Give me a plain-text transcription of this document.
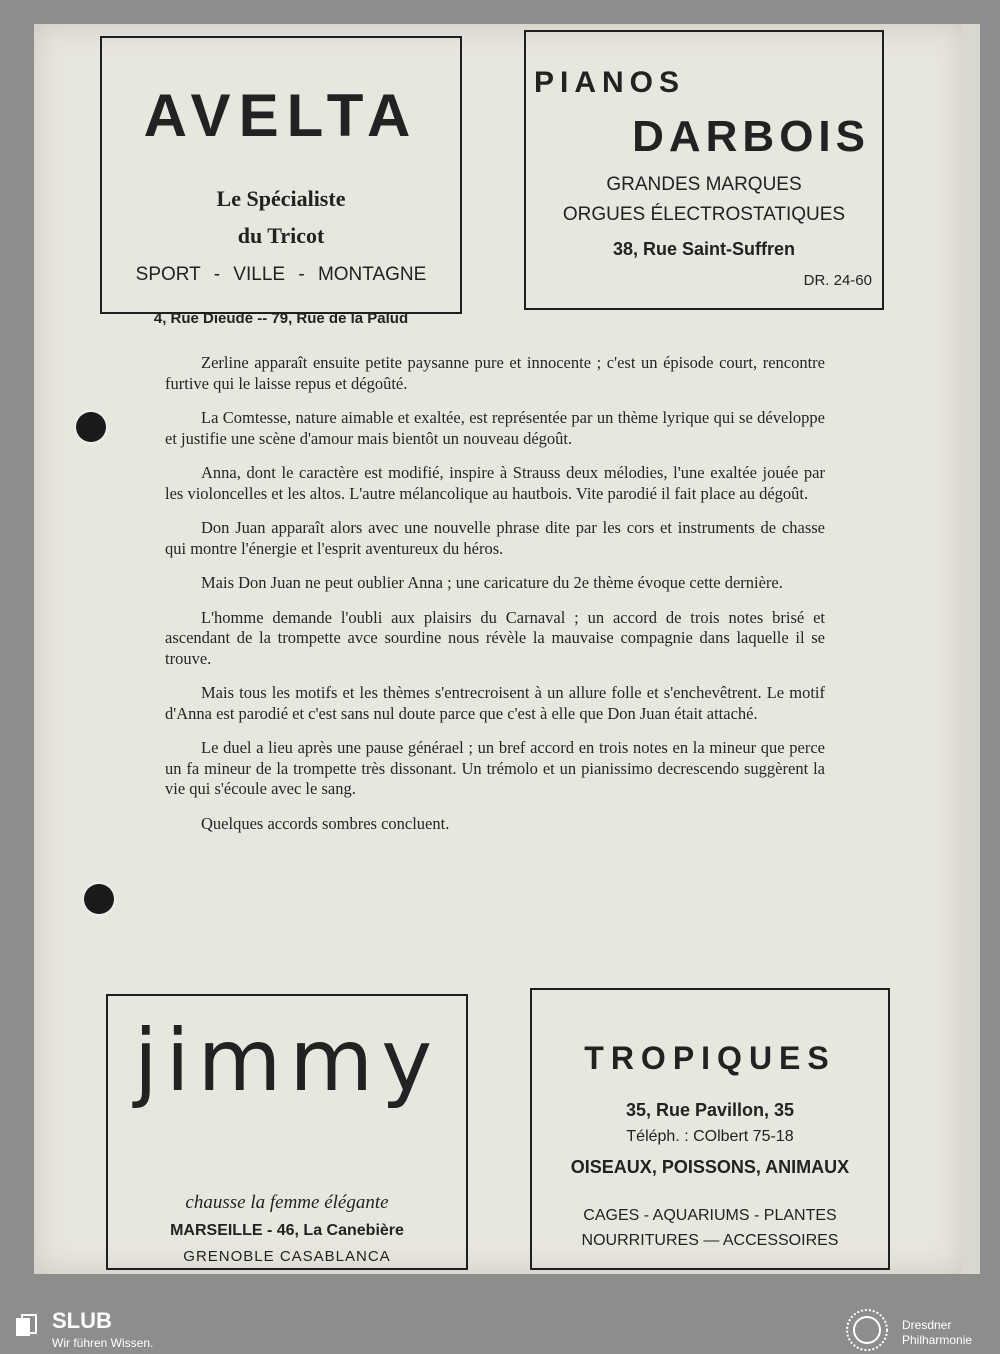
AVELTA
Le Spécialiste
du Tricot
SPORT - VILLE - MONTAGNE
4, Rue Dieudé -- 79, Rue de la Palud
PIANOS
DARBOIS
GRANDES MARQUES
ORGUES ÉLECTROSTATIQUES
38, Rue Saint-Suffren
DR. 24-60

Zerline apparaît ensuite petite paysanne pure et innocente ; c'est un épisode court, rencontre furtive qui le laisse repus et dégoûté.

La Comtesse, nature aimable et exaltée, est représentée par un thème lyrique qui se développe et justifie une scène d'amour mais bientôt un nouveau dégoût.

Anna, dont le caractère est modifié, inspire à Strauss deux mélodies, l'une exaltée jouée par les violoncelles et les altos. L'autre mélancolique au hautbois. Vite parodié il fait place au dégoût.

Don Juan apparaît alors avec une nouvelle phrase dite par les cors et instruments de chasse qui montre l'énergie et l'esprit aventureux du héros.

Mais Don Juan ne peut oublier Anna ; une caricature du 2e thème évoque cette dernière.

L'homme demande l'oubli aux plaisirs du Carnaval ; un accord de trois notes brisé et ascendant de la trompette avce sourdine nous révèle la mauvaise compagnie dans laquelle il se trouve.

Mais tous les motifs et les thèmes s'entrecroisent à un allure folle et s'enchevêtrent. Le motif d'Anna est parodié et c'est sans nul doute parce que c'est à elle que Don Juan était attaché.

Le duel a lieu après une pause générael ; un bref accord en trois notes en la mineur que perce un fa mineur de la trompette très dissonant. Un trémolo et un pianissimo decrescendo suggèrent la vie qui s'écoule avec le sang.

Quelques accords sombres concluent.

jimmy
chausse la femme élégante
MARSEILLE - 46, La Canebière
GRENOBLE CASABLANCA
TROPIQUES
35, Rue Pavillon, 35
Téléph. : COlbert 75-18
OISEAUX, POISSONS, ANIMAUX
CAGES - AQUARIUMS - PLANTES
NOURRITURES — ACCESSOIRES
SLUB
Wir führen Wissen.
Dresdner
Philharmonie
